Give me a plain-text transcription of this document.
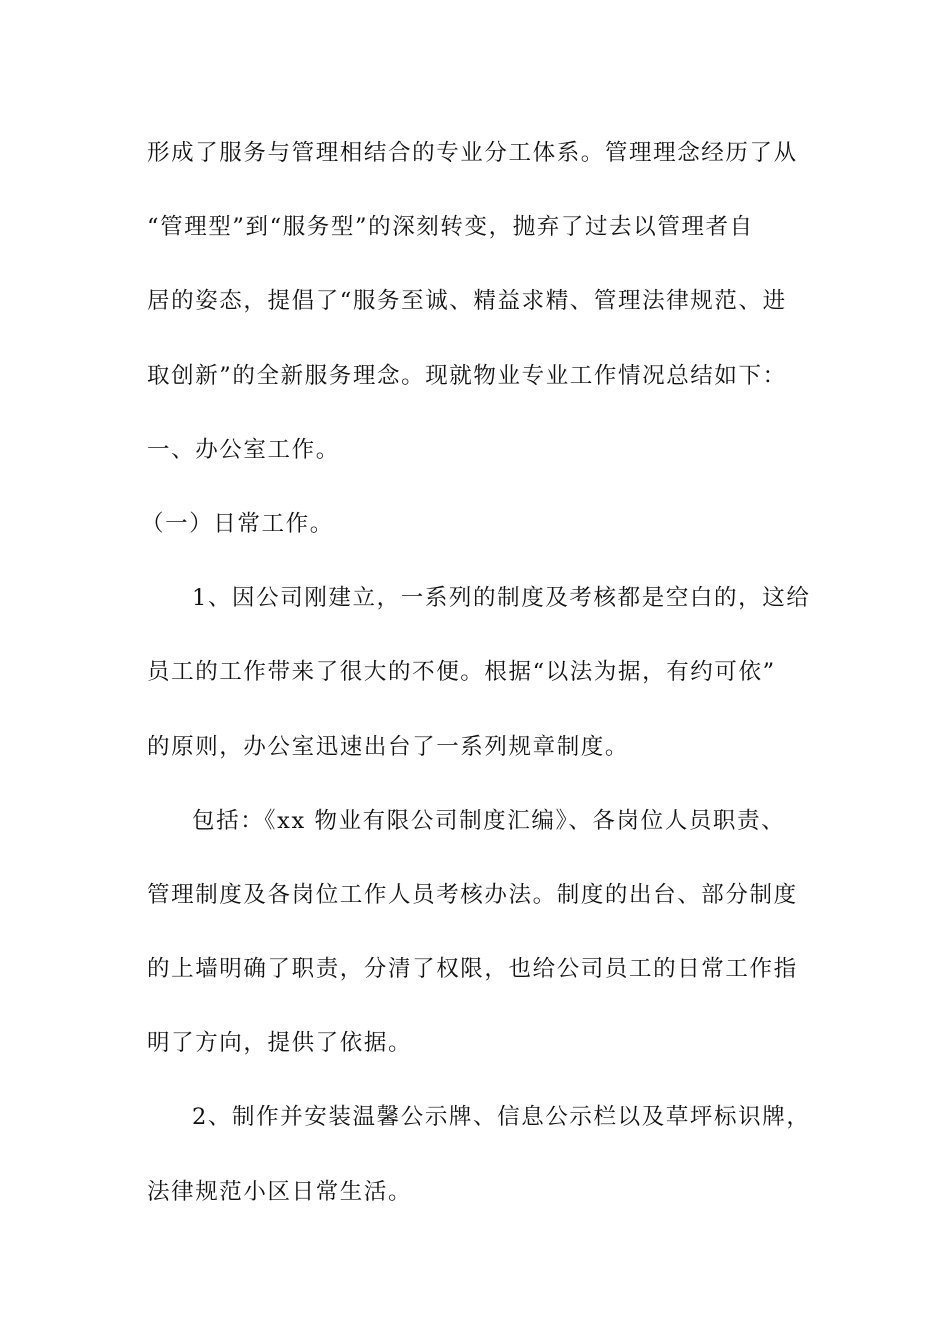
形成了服务与管理相结合的专业分工体系。管理理念经历了从
“管理型”到“服务型”的深刻转变，抛弃了过去以管理者自
居的姿态，提倡了“服务至诚、精益求精、管理法律规范、进
取创新”的全新服务理念。现就物业专业工作情况总结如下：
一、办公室工作。
（一）日常工作。
1、因公司刚建立，一系列的制度及考核都是空白的，这给
员工的工作带来了很大的不便。根据“以法为据，有约可依”
的原则，办公室迅速出台了一系列规章制度。
包括：《xx 物业有限公司制度汇编》、各岗位人员职责、
管理制度及各岗位工作人员考核办法。制度的出台、部分制度
的上墙明确了职责，分清了权限，也给公司员工的日常工作指
明了方向，提供了依据。
2、制作并安装温馨公示牌、信息公示栏以及草坪标识牌，
法律规范小区日常生活。
